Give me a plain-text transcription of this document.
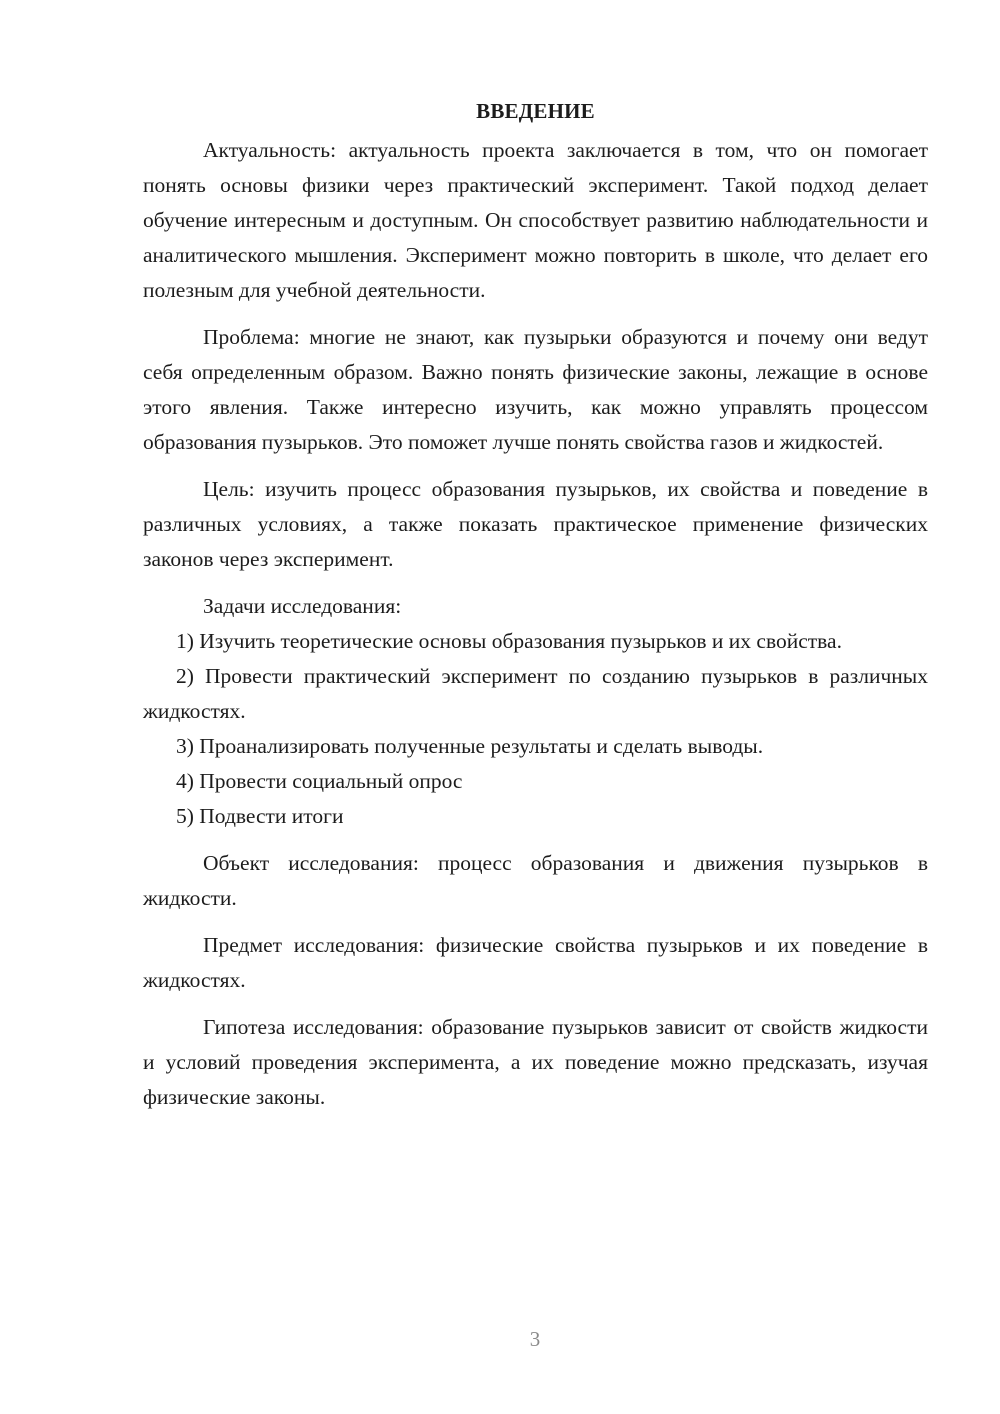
ВВЕДЕНИЕ

Актуальность: актуальность проекта заключается в том, что он помогает понять основы физики через практический эксперимент. Такой подход делает обучение интересным и доступным. Он способствует развитию наблюдательности и аналитического мышления. Эксперимент можно повторить в школе, что делает его полезным для учебной деятельности.

Проблема: многие не знают, как пузырьки образуются и почему они ведут себя определенным образом. Важно понять физические законы, лежащие в основе этого явления. Также интересно изучить, как можно управлять процессом образования пузырьков. Это поможет лучше понять свойства газов и жидкостей.

Цель: изучить процесс образования пузырьков, их свойства и поведение в различных условиях, а также показать практическое применение физических законов через эксперимент.

Задачи исследования:

1) Изучить теоретические основы образования пузырьков и их свойства.

2) Провести практический эксперимент по созданию пузырьков в различных жидкостях.

3) Проанализировать полученные результаты и сделать выводы.

4) Провести социальный опрос

5) Подвести итоги

Объект исследования: процесс образования и движения пузырьков в жидкости.

Предмет исследования: физические свойства пузырьков и их поведение в жидкостях.

Гипотеза исследования: образование пузырьков зависит от свойств жидкости и условий проведения эксперимента, а их поведение можно предсказать, изучая физические законы.

3
